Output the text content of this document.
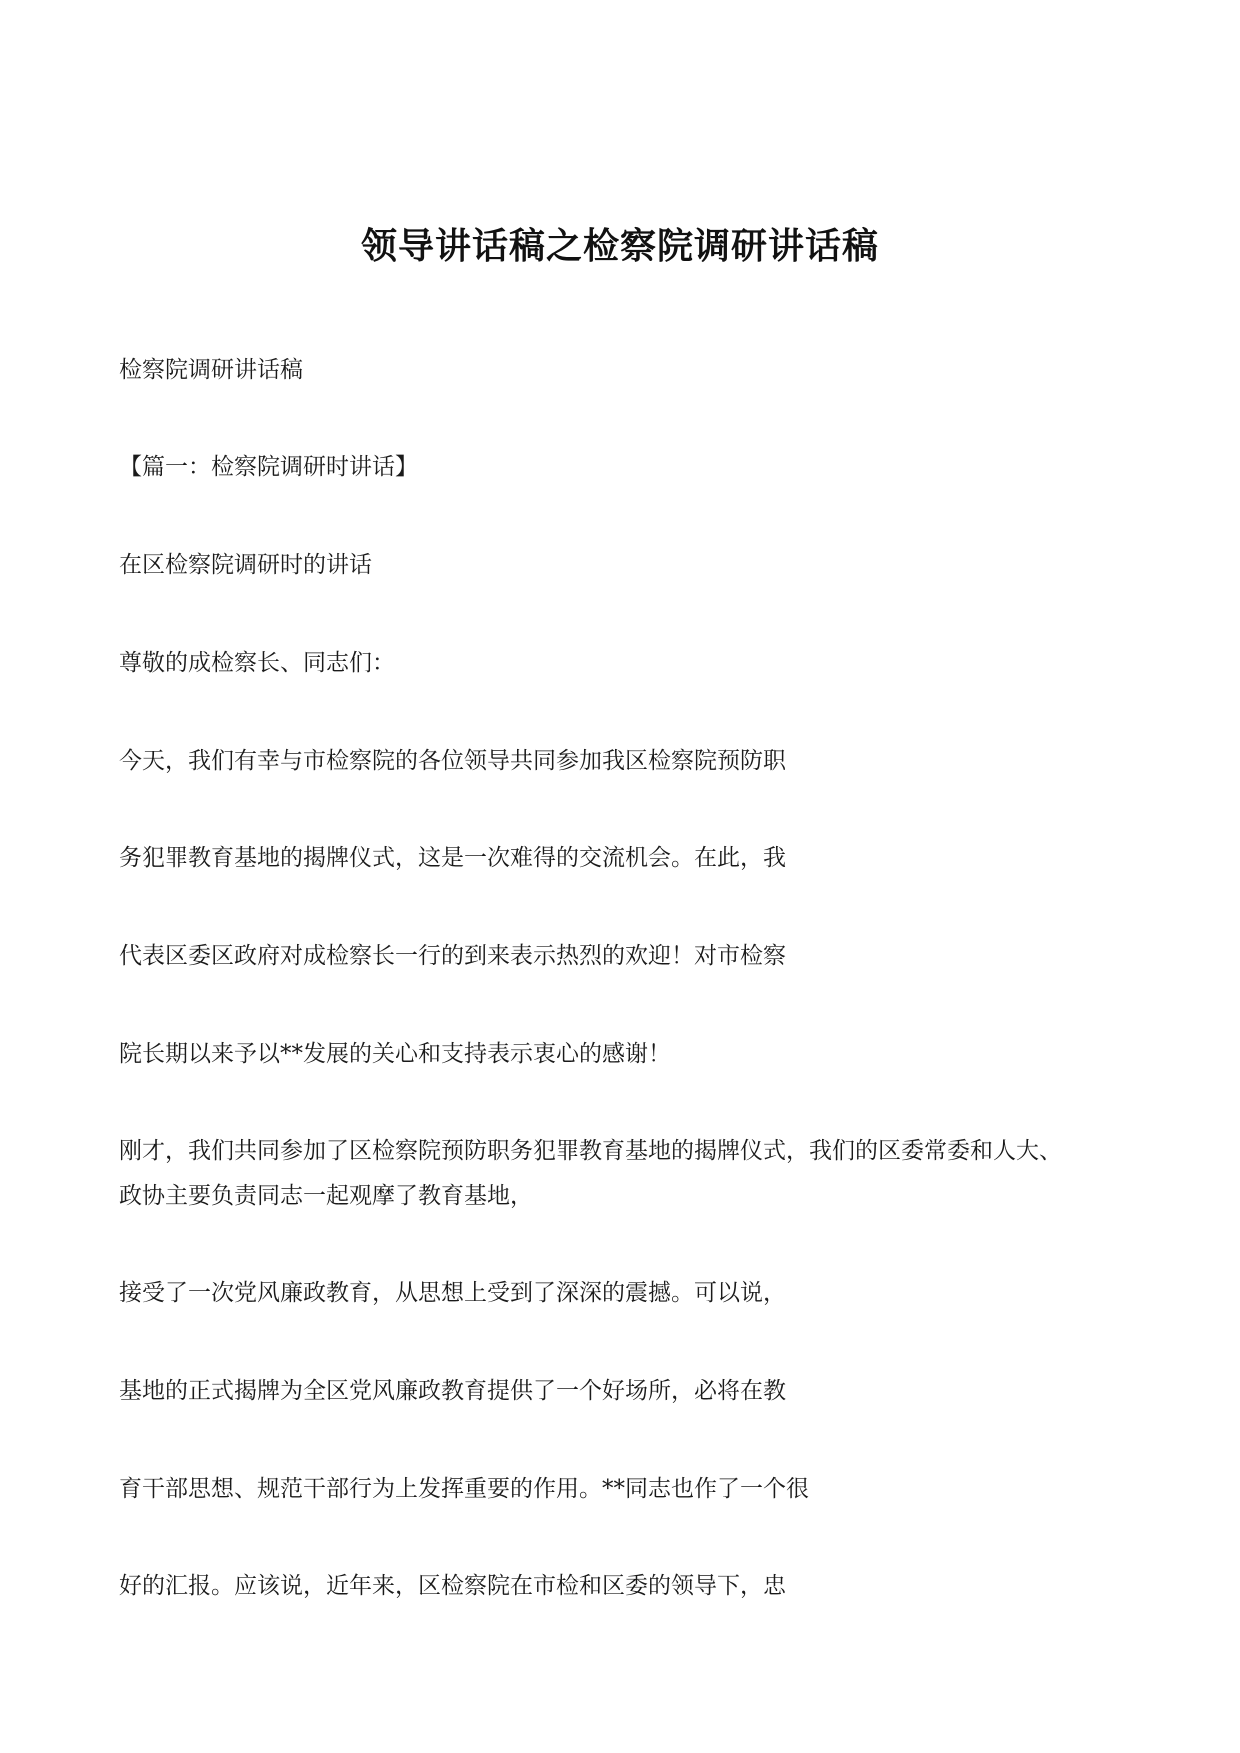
领导讲话稿之检察院调研讲话稿

检察院调研讲话稿

【篇一：检察院调研时讲话】

在区检察院调研时的讲话

尊敬的成检察长、同志们：

今天，我们有幸与市检察院的各位领导共同参加我区检察院预防职

务犯罪教育基地的揭牌仪式，这是一次难得的交流机会。在此，我

代表区委区政府对成检察长一行的到来表示热烈的欢迎！对市检察

院长期以来予以**发展的关心和支持表示衷心的感谢！

刚才，我们共同参加了区检察院预防职务犯罪教育基地的揭牌仪式，我们的区委常委和人大、

政协主要负责同志一起观摩了教育基地，

接受了一次党风廉政教育，从思想上受到了深深的震撼。可以说，

基地的正式揭牌为全区党风廉政教育提供了一个好场所，必将在教

育干部思想、规范干部行为上发挥重要的作用。**同志也作了一个很

好的汇报。应该说，近年来，区检察院在市检和区委的领导下，忠
